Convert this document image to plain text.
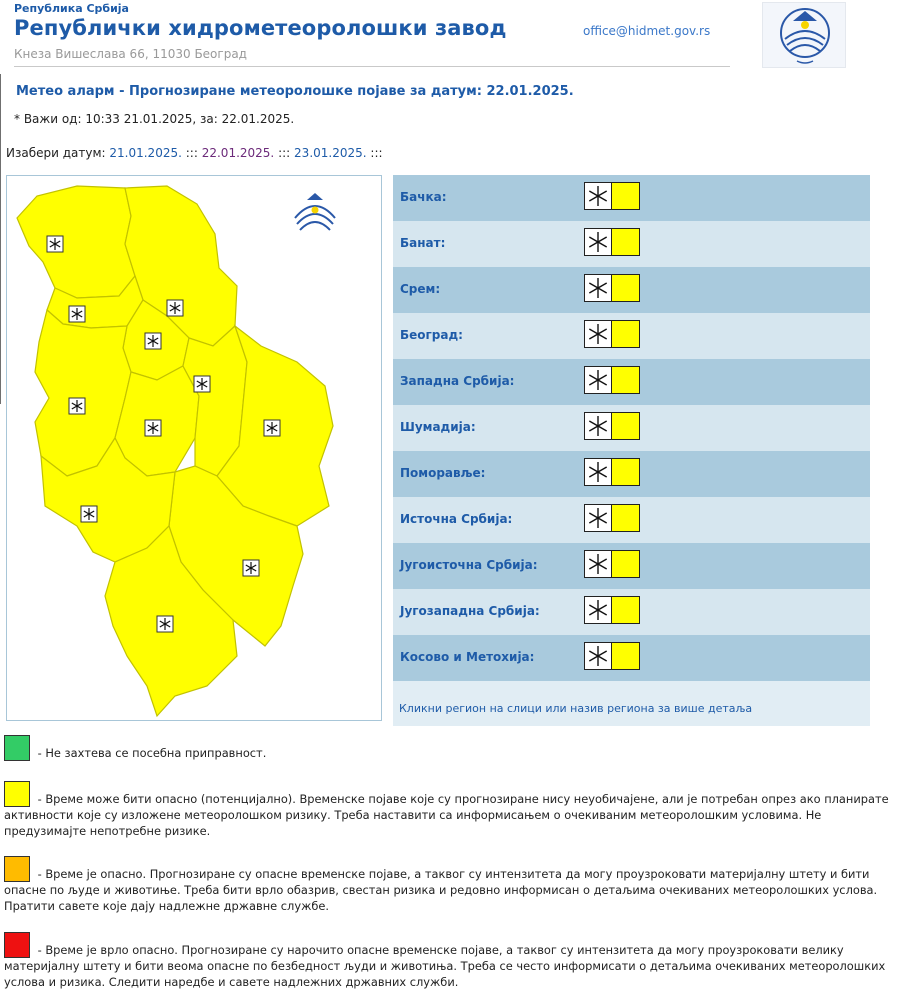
Република Србија
Републички хидрометеоролошки завод
Кнеза Вишеслава 66, 11030 Београд
office@hidmet.gov.rs
Метео аларм - Прогнозиране метеоролошке појаве за датум: 22.01.2025.
* Важи од: 10:33 21.01.2025, за: 22.01.2025.
Изабери датум: 21.01.2025. ::: 22.01.2025. ::: 23.01.2025. :::
Бачка:
Банат:
Срем:
Београд:
Западна Србија:
Шумадија:
Поморавље:
Источна Србија:
Југоисточна Србија:
Југозападна Србија:
Косово и Метохија:
Кликни регион на слици или назив региона за више детаља
- Не захтева се посебна приправност.
- Време може бити опасно (потенцијално). Временске појаве које су прогнозиране нису неуобичајене, али је потребан опрез ако планирате активности које су изложене метеоролошком ризику. Треба наставити са информисањем о очекиваним метеоролошким условима. Не предузимајте непотребне ризике.
- Време је опасно. Прогнозиране су опасне временске појаве, а таквог су интензитета да могу проузроковати материјалну штету и бити опасне по људе и животиње. Треба бити врло обазрив, свестан ризика и редовно информисан о детаљима очекиваних метеоролошких услова. Пратити савете које дају надлежне државне службе.
- Време је врло опасно. Прогнозиране су нарочито опасне временске појаве, а таквог су интензитета да могу проузроковати велику материјалну штету и бити веома опасне по безбедност људи и животиња. Треба се често информисати о детаљима очекиваних метеоролошких услова и ризика. Следити наредбе и савете надлежних државних служби.
